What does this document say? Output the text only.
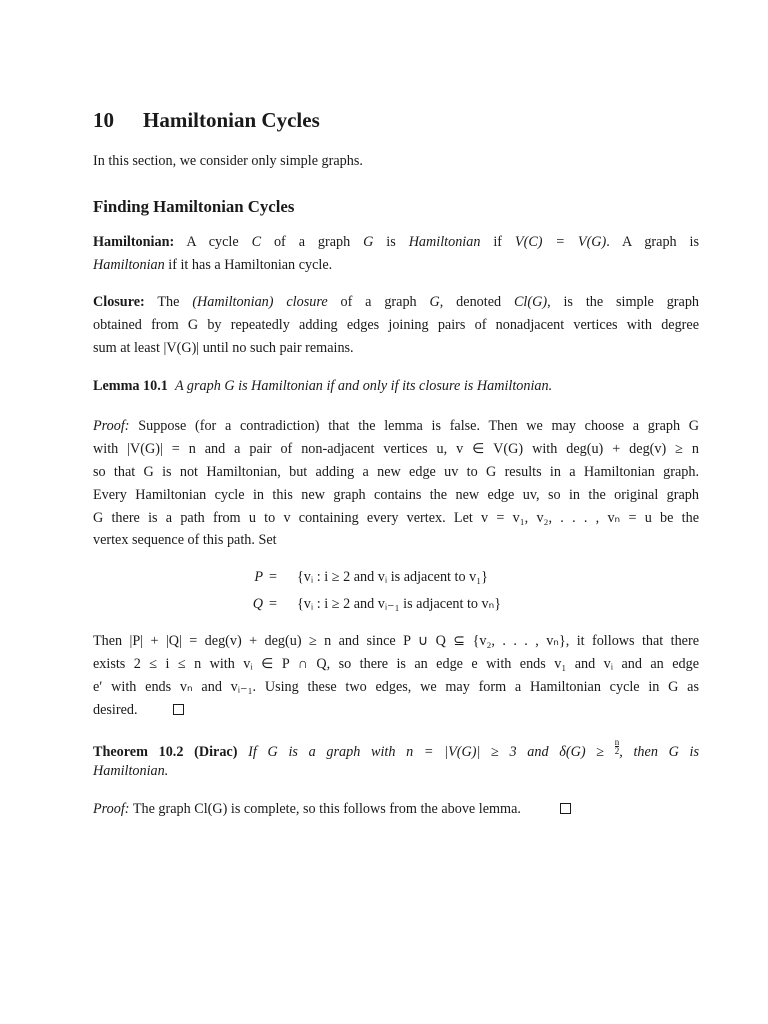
10 Hamiltonian Cycles
In this section, we consider only simple graphs.
Finding Hamiltonian Cycles
Hamiltonian: A cycle C of a graph G is Hamiltonian if V(C) = V(G). A graph is
Hamiltonian if it has a Hamiltonian cycle.
Closure: The (Hamiltonian) closure of a graph G, denoted Cl(G), is the simple graph
obtained from G by repeatedly adding edges joining pairs of nonadjacent vertices with degree
sum at least |V(G)| until no such pair remains.
Lemma 10.1 A graph G is Hamiltonian if and only if its closure is Hamiltonian.
Proof: Suppose (for a contradiction) that the lemma is false. Then we may choose a graph G
with |V(G)| = n and a pair of non-adjacent vertices u, v ∈ V(G) with deg(u) + deg(v) ≥ n
so that G is not Hamiltonian, but adding a new edge uv to G results in a Hamiltonian graph.
Every Hamiltonian cycle in this new graph contains the new edge uv, so in the original graph
G there is a path from u to v containing every vertex. Let v = v₁, v₂, . . . , vₙ = u be the
vertex sequence of this path. Set
P = {vᵢ : i ≥ 2 and vᵢ is adjacent to v₁}
Q = {vᵢ : i ≥ 2 and vᵢ₋₁ is adjacent to vₙ}
Then |P| + |Q| = deg(v) + deg(u) ≥ n and since P ∪ Q ⊆ {v₂, . . . , vₙ}, it follows that there
exists 2 ≤ i ≤ n with vᵢ ∈ P ∩ Q, so there is an edge e with ends v₁ and vᵢ and an edge
e′ with ends vₙ and vᵢ₋₁. Using these two edges, we may form a Hamiltonian cycle in G as
desired.
Theorem 10.2 (Dirac) If G is a graph with n = |V(G)| ≥ 3 and $\delta(G) \ge \frac{n}{2}$ , then G is
Hamiltonian.
Proof: The graph Cl(G) is complete, so this follows from the above lemma.
